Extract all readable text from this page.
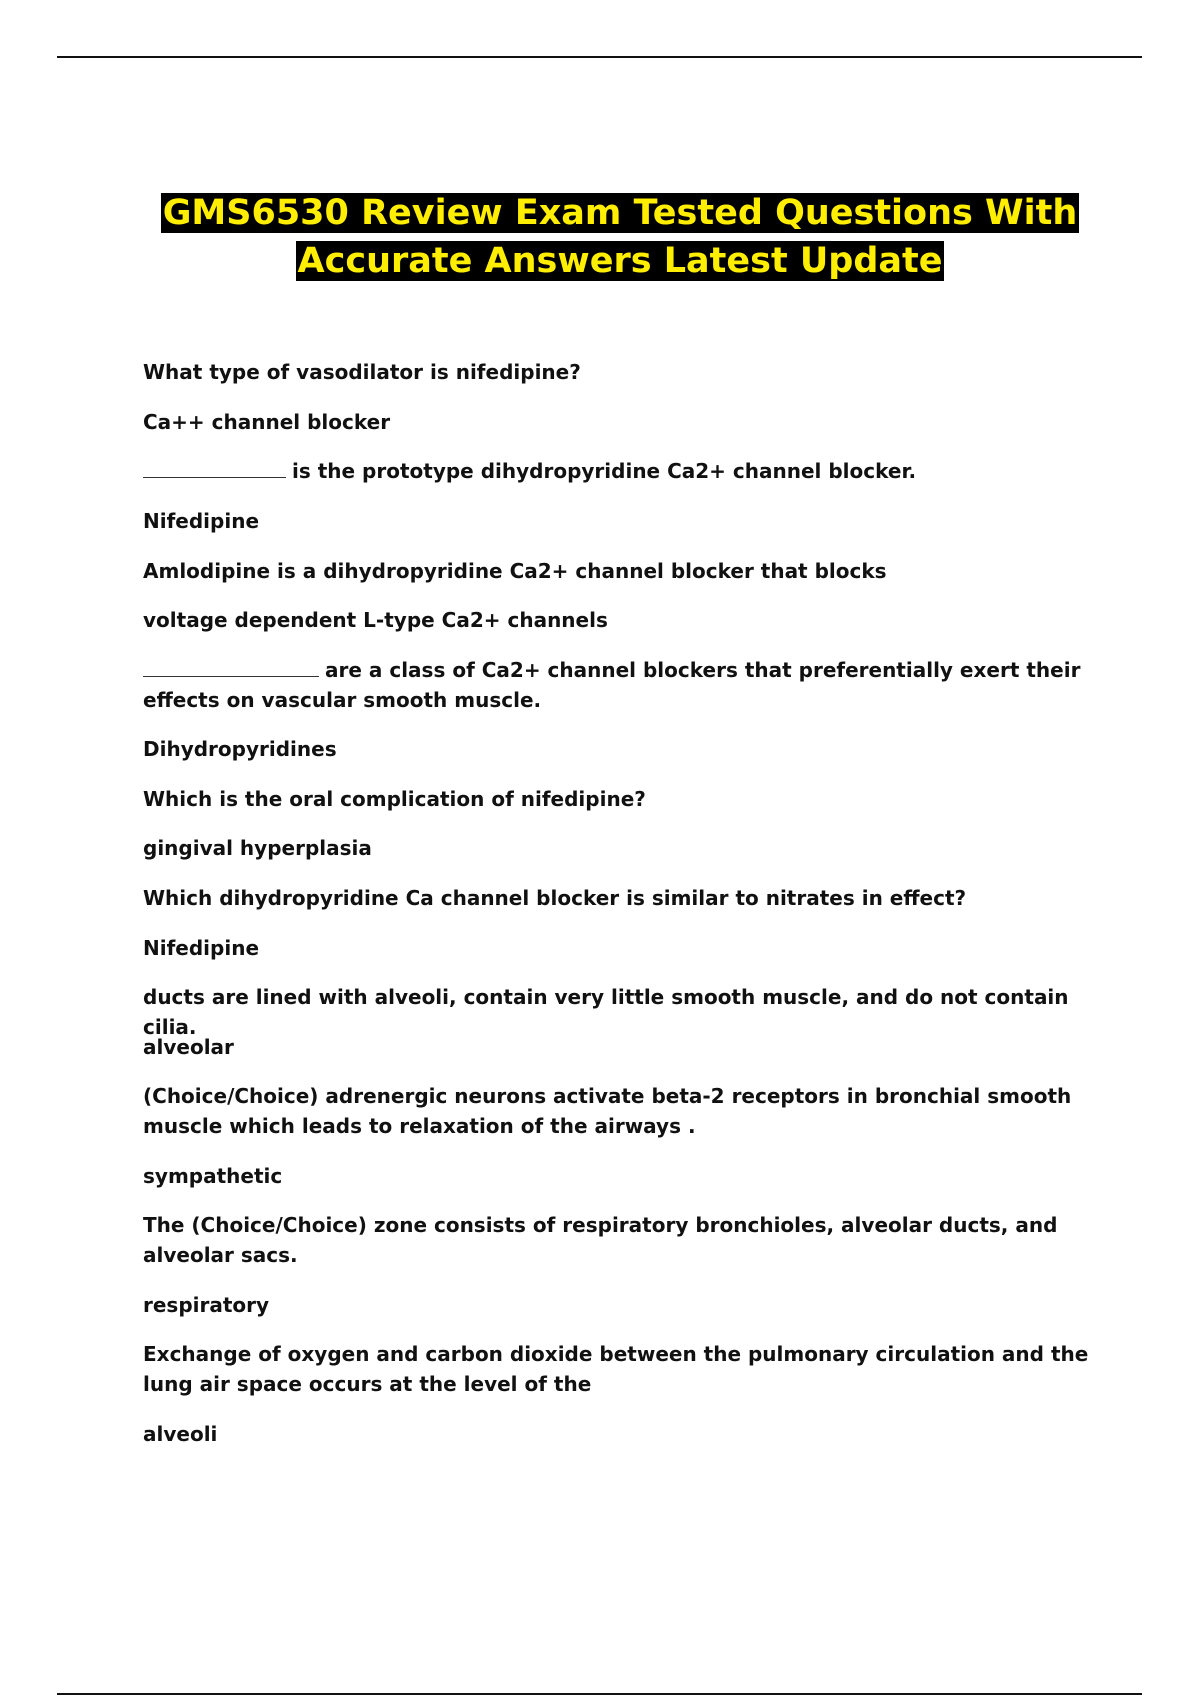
GMS6530 Review Exam Tested Questions With
Accurate Answers Latest Update

What type of vasodilator is nifedipine?

Ca++ channel blocker

is the prototype dihydropyridine Ca2+ channel blocker.

Nifedipine

Amlodipine is a dihydropyridine Ca2+ channel blocker that blocks

voltage dependent L-type Ca2+ channels

are a class of Ca2+ channel blockers that preferentially exert their effects on vascular smooth muscle.

Dihydropyridines

Which is the oral complication of nifedipine?

gingival hyperplasia

Which dihydropyridine Ca channel blocker is similar to nitrates in effect?

Nifedipine

ducts are lined with alveoli, contain very little smooth muscle, and do not contain cilia.

alveolar

(Choice/Choice) adrenergic neurons activate beta-2 receptors in bronchial smooth muscle which leads to relaxation of the airways .

sympathetic

The (Choice/Choice) zone consists of respiratory bronchioles, alveolar ducts, and alveolar sacs.

respiratory

Exchange of oxygen and carbon dioxide between the pulmonary circulation and the lung air space occurs at the level of the

alveoli
